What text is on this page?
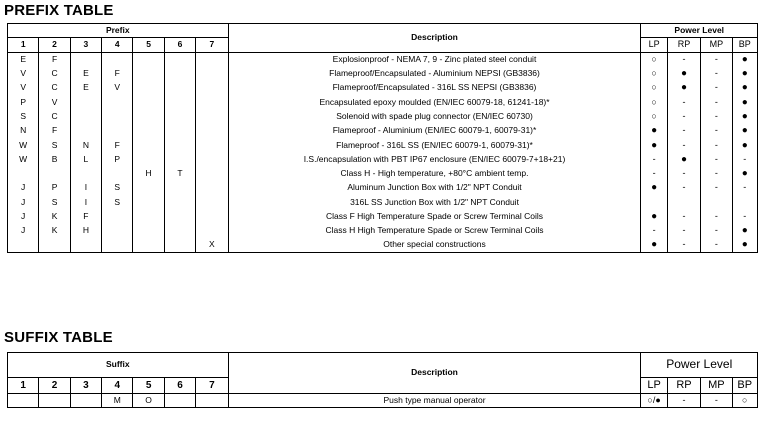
PREFIX TABLE
Prefix							Description	Power Level			
1	2	3	4	5	6	7		LP	RP	MP	BP
E	F						Explosionproof - NEMA 7, 9 - Zinc plated steel conduit	○	-	-	●
V	C	E	F				Flameproof/Encapsulated - Aluminium NEPSI (GB3836)	○	●	-	●
V	C	E	V				Flameproof/Encapsulated - 316L SS NEPSI (GB3836)	○	●	-	●
P	V						Encapsulated epoxy moulded (EN/IEC 60079-18, 61241-18)*	○	-	-	●
S	C						Solenoid with spade plug connector (EN/IEC 60730)	○	-	-	●
N	F						Flameproof - Aluminium (EN/IEC 60079-1, 60079-31)*	●	-	-	●
W	S	N	F				Flameproof - 316L SS (EN/IEC 60079-1, 60079-31)*	●	-	-	●
W	B	L	P				I.S./encapsulation with PBT IP67 enclosure (EN/IEC 60079-7+18+21)	-	●	-	-
				H	T		Class H - High temperature, +80°C ambient temp.	-	-	-	●
J	P	I	S				Aluminum Junction Box with 1/2" NPT Conduit	●	-	-	-
J	S	I	S				316L SS Junction Box with 1/2" NPT Conduit				
J	K	F					Class F High Temperature Spade or Screw Terminal Coils	●	-	-	-
J	K	H					Class H High Temperature Spade or Screw Terminal Coils	-	-	-	●
						X	Other special constructions	●	-	-	●
SUFFIX TABLE
Suffix							Description	Power Level			
1	2	3	4	5	6	7		LP	RP	MP	BP
			M	O			Push type manual operator	○/●	-	-	○
